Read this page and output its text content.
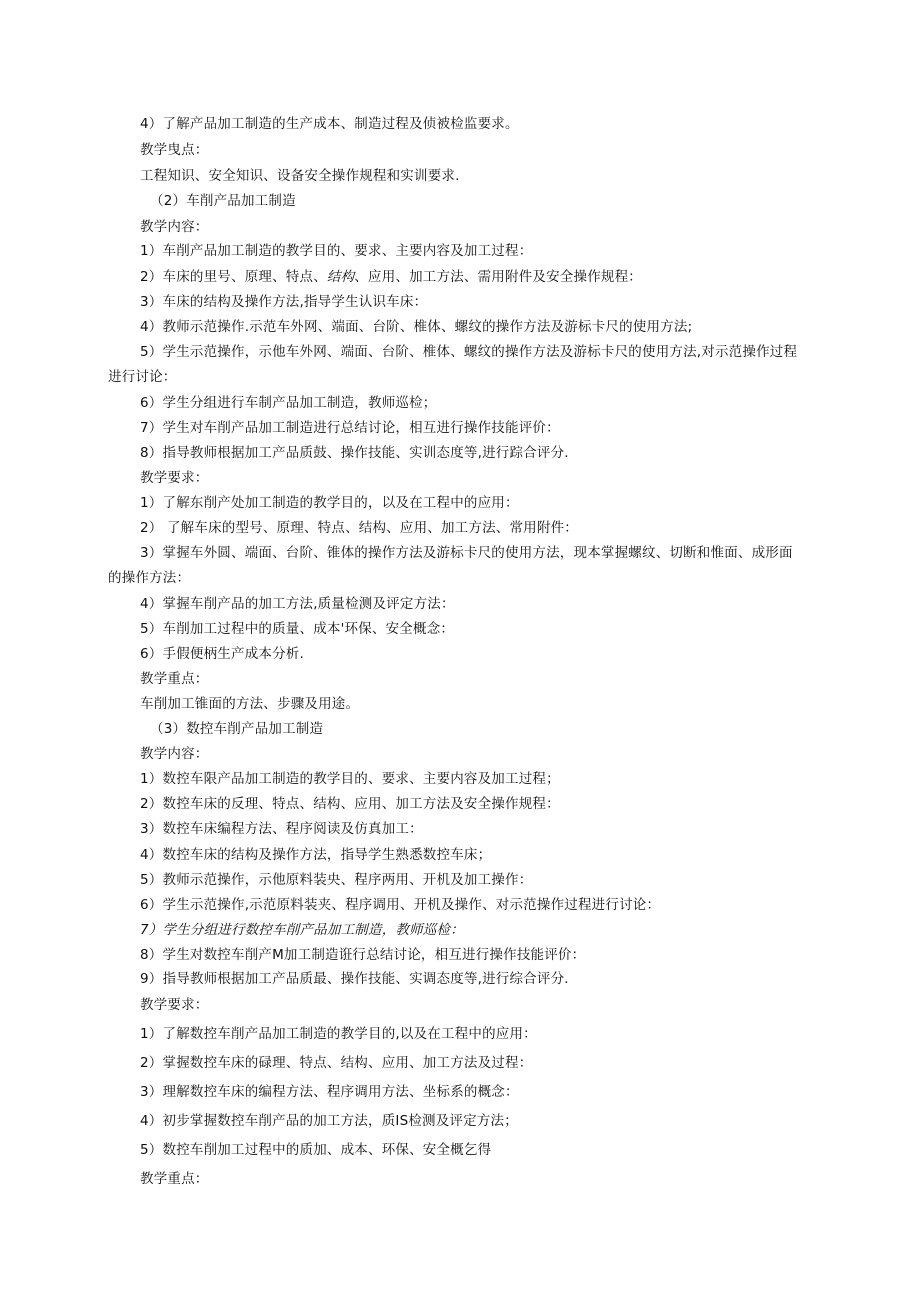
4）了解产品加工制造的生产成本、制造过程及侦被检监要求。
教学曳点：
工程知识、安全知识、设备安全操作规程和实训要求.
（2）车削产品加工制造
教学内容：
1）车削产品加工制造的教学目的、要求、主要内容及加工过程：
2）车床的里号、原理、特点、结构、应用、加工方法、需用附件及安全操作规程：
3）车床的结构及操作方法,指导学生认识车床：
4）教师示范操作.示范车外网、端面、台阶、椎体、螺纹的操作方法及游标卡尺的使用方法;
5）学生示范操作，示他车外网、端面、台阶、椎体、螺纹的操作方法及游标卡尺的使用方法,对示范操作过程
进行讨论：
6）学生分组进行车制产品加工制造，教师巡检；
7）学生对车削产品加工制造进行总结讨论，相互进行操作技能评价：
8）指导教师根据加工产品质鼓、操作技能、实训态度等,进行踪合评分.
教学要求：
1）了解东削产处加工制造的教学目的，以及在工程中的应用：
2） 了解车床的型号、原理、特点、结构、应用、加工方法、常用附件：
3）掌握车外圆、端面、台阶、锥体的操作方法及游标卡尺的使用方法，现本掌握螺纹、切断和惟面、成形面
的操作方法：
4）掌握车削产品的加工方法,质量检测及评定方法：
5）车削加工过程中的质量、成本'环保、安全概念：
6）手假便柄生产成本分析.
教学重点：
车削加工锥面的方法、步骤及用途。
（3）数控车削产品加工制造
教学内容：
1）数控车限产品加工制造的教学目的、要求、主要内容及加工过程；
2）数控车床的反理、特点、结构、应用、加工方法及安全操作规程：
3）数控车床编程方法、程序阅读及仿真加工：
4）数控车床的结构及操作方法，指导学生熟悉数控车床；
5）教师示范操作，示他原料装央、程序两用、开机及加工操作：
6）学生示范操作,示范原料装夹、程序调用、开机及操作、对示范操作过程进行讨论：
7）学生分组进行数控车削产品加工制造，教师巡检：
8）学生对数控车削产M加工制造诳行总结讨论，相互进行操作技能评价：
9）指导教师根据加工产品质最、操作技能、实调态度等,进行综合评分.
教学要求：
1）了解数控车削产品加工制造的教学目的,以及在工程中的应用：
2）掌握数控车床的碌理、特点、结构、应用、加工方法及过程：
3）理解数控车床的编程方法、程序调用方法、坐标系的概念：
4）初步掌握数控车削产品的加工方法，质IS检测及评定方法；
5）数控车削加工过程中的质加、成本、环保、安全概乞得
教学重点：
